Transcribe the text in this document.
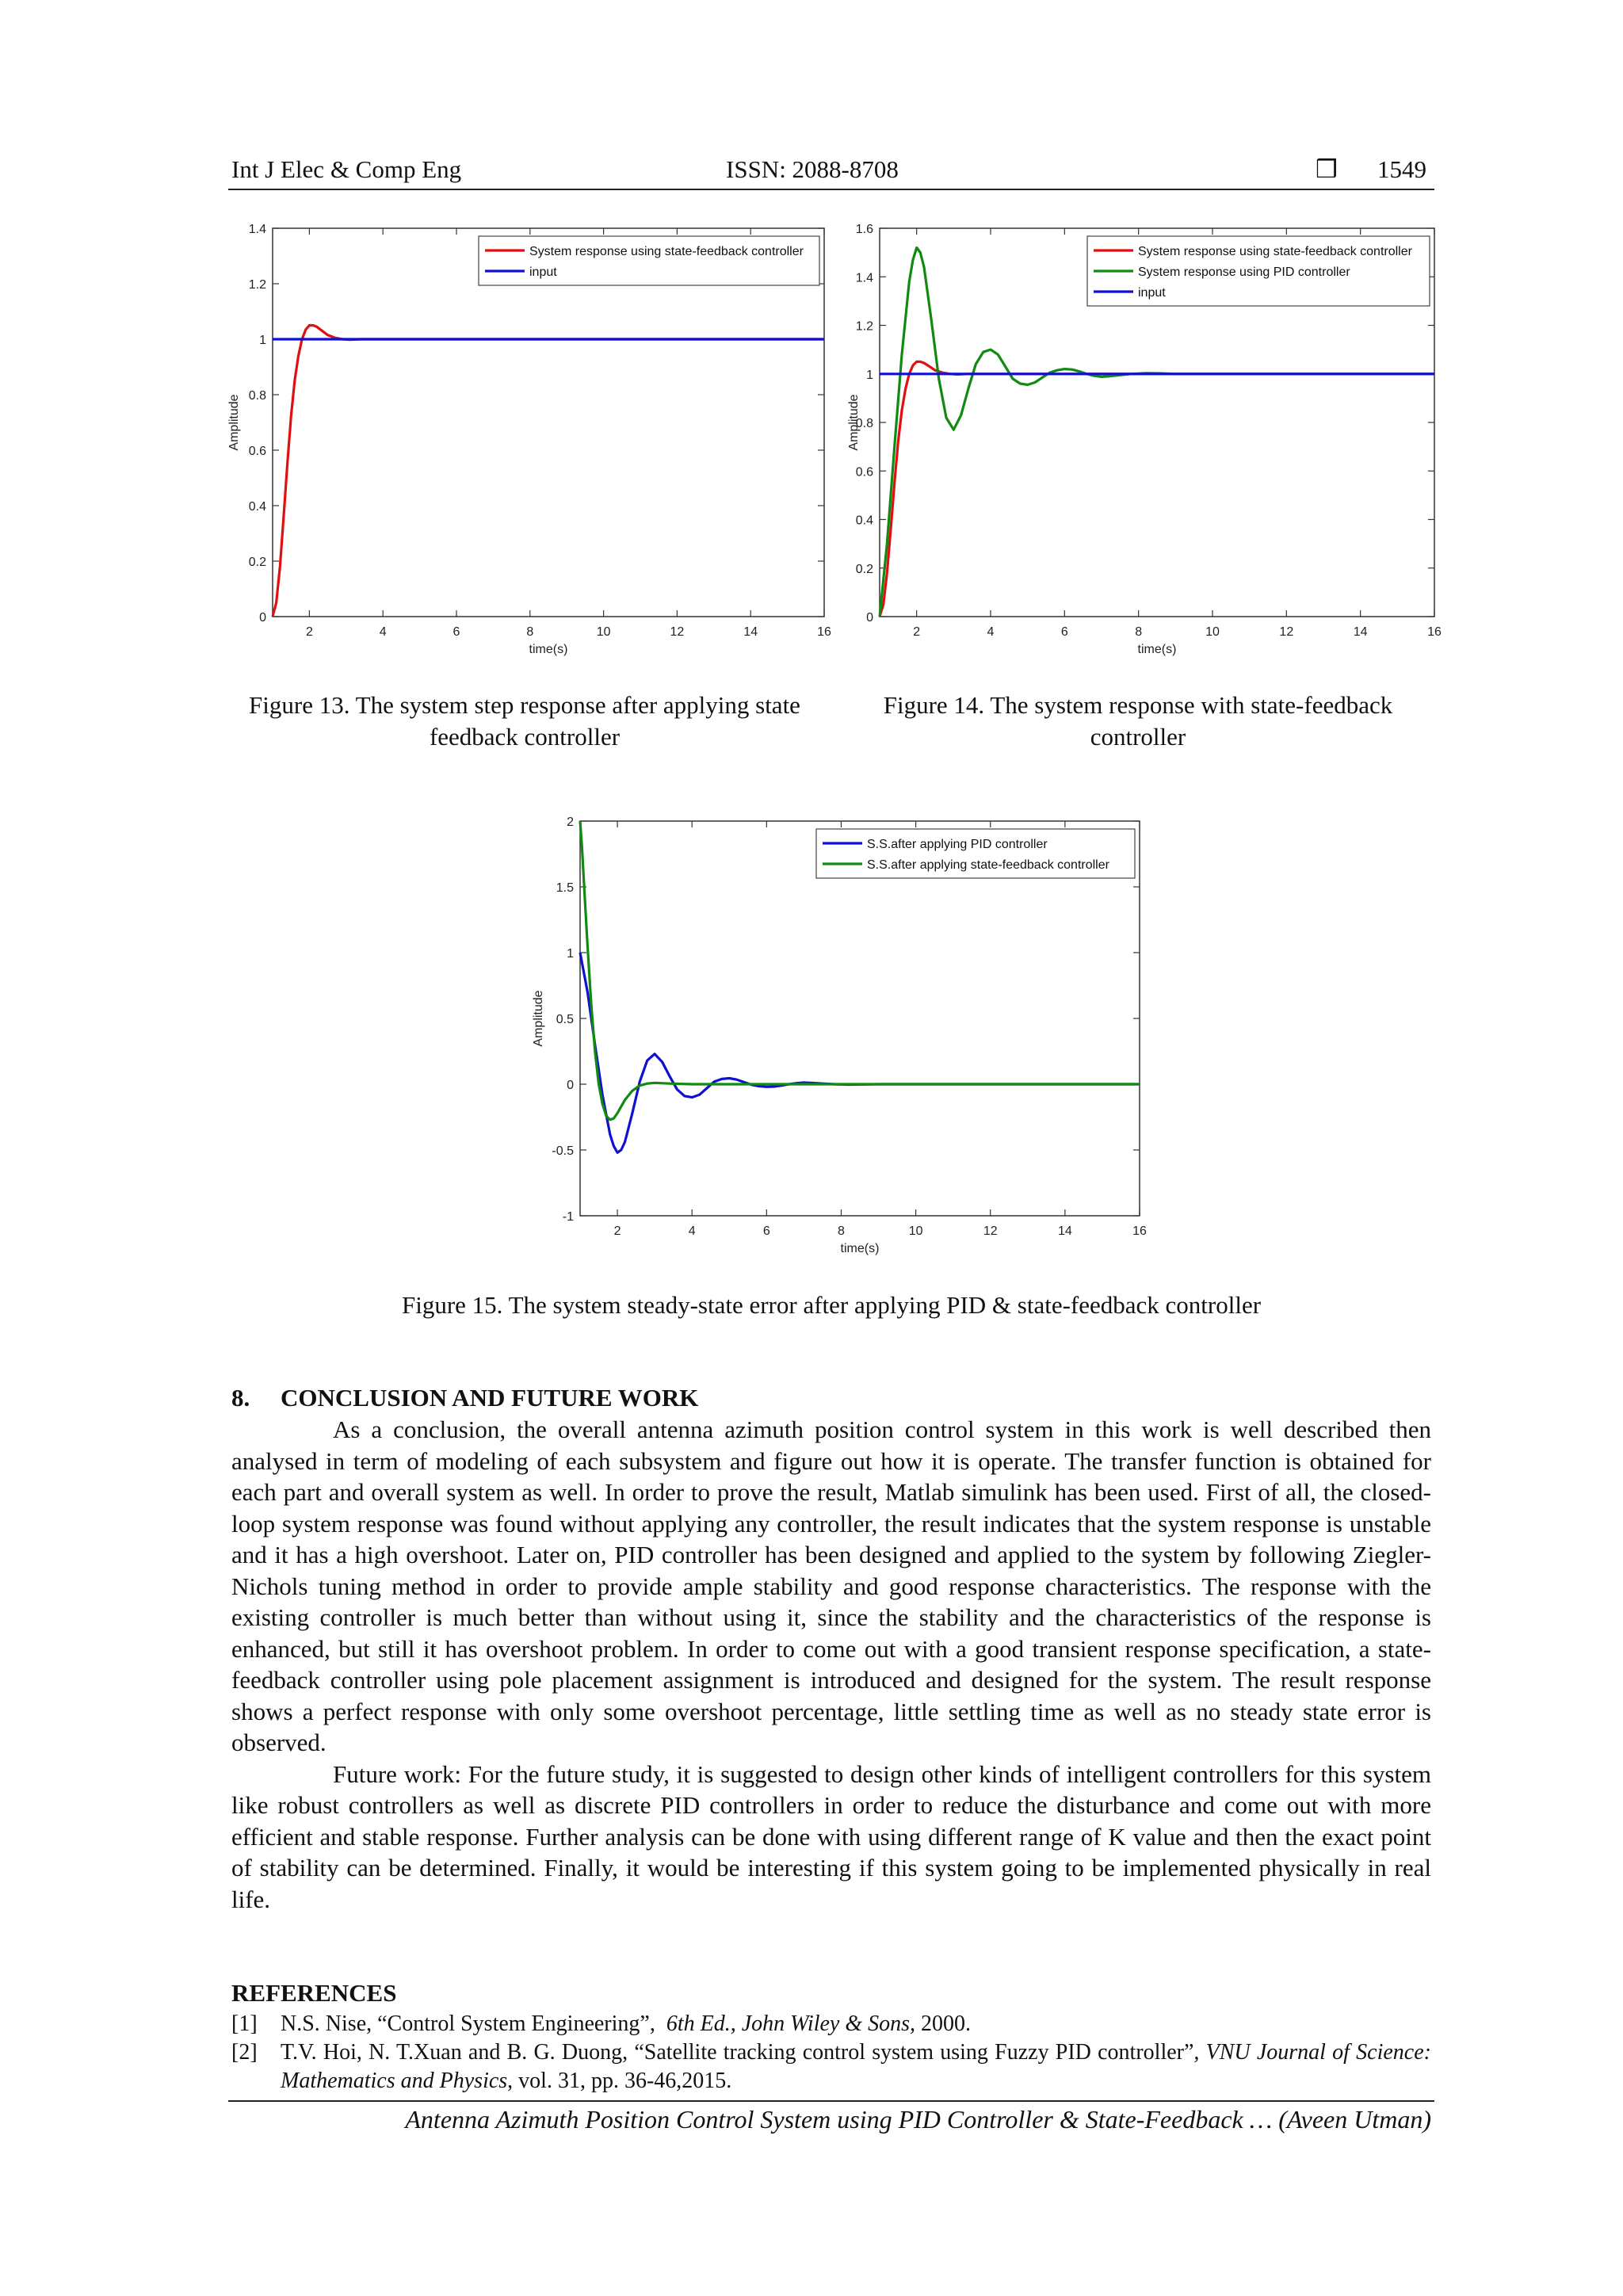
Int J Elec & Comp Eng	ISSN: 2088-8708	❒ 1549
2	4	6	8	10	12	14	16
0
0.2
0.4
0.6
0.8
1
1.2
1.4
time(s)
Amplitude
System response using state-feedback controller
input
2	4	6	8	10	12	14	16
0
0.2
0.4
0.6
0.8
1
1.2
1.4
1.6
time(s)
Amplitude
System response using state-feedback controller
System response using PID controller
input
Figure 13. The system step response after applying state feedback controller
Figure 14. The system response with state-feedback controller
2	4	6	8	10	12	14	16
-1
-0.5
0
0.5
1
1.5
2
time(s)
Amplitude
S.S.after applying PID controller
S.S.after applying state-feedback controller
Figure 15. The system steady-state error after applying PID & state-feedback controller
8.     CONCLUSION AND FUTURE WORK

As a conclusion, the overall antenna azimuth position control system in this work is well described then analysed in term of modeling of each subsystem and figure out how it is operate. The transfer function is obtained for each part and overall system as well. In order to prove the result, Matlab simulink has been used. First of all, the closed-loop system response was found without applying any controller, the result indicates that the system response is unstable and it has a high overshoot. Later on, PID controller has been designed and applied to the system by following Ziegler-Nichols tuning method in order to provide ample stability and good response characteristics. The response with the existing controller is much better than without using it, since the stability and the characteristics of the response is enhanced, but still it has overshoot problem. In order to come out with a good transient response specification, a state-feedback controller using pole placement assignment is introduced and designed for the system. The result response shows a perfect response with only some overshoot percentage, little settling time as well as no steady state error is observed.

Future work: For the future study, it is suggested to design other kinds of intelligent controllers for this system like robust controllers as well as discrete PID controllers in order to reduce the disturbance and come out with more efficient and stable response. Further analysis can be done with using different range of K value and then the exact point of stability can be determined. Finally, it would be interesting if this system going to be implemented physically in real life.

REFERENCES
[1] N.S. Nise, “Control System Engineering”,  6th Ed., John Wiley & Sons, 2000.
[2] T.V. Hoi, N. T.Xuan and B. G. Duong, “Satellite tracking control system using Fuzzy PID controller”, VNU Journal of Science: Mathematics and Physics, vol. 31, pp. 36-46,2015.
Antenna Azimuth Position Control System using PID Controller & State-Feedback … (Aveen Utman)
